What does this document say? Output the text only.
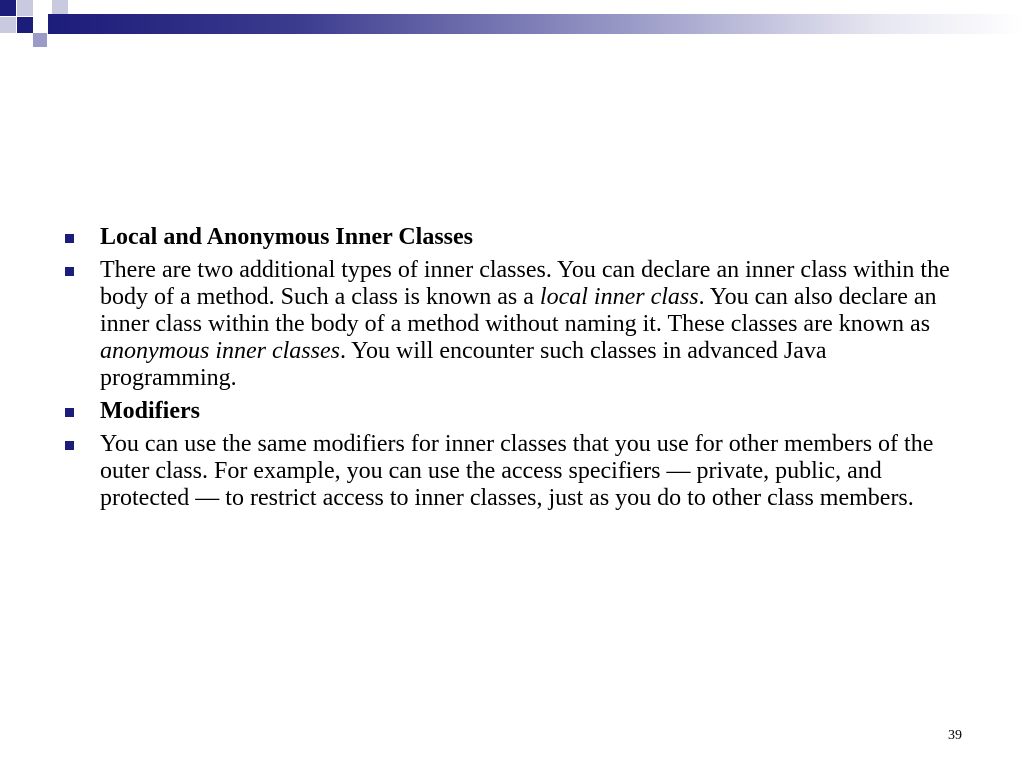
Local and Anonymous Inner Classes
There are two additional types of inner classes. You can declare an inner class within the body of a method. Such a class is known as a local inner class. You can also declare an inner class within the body of a method without naming it. These classes are known as anonymous inner classes. You will encounter such classes in advanced Java programming.
Modifiers
You can use the same modifiers for inner classes that you use for other members of the outer class. For example, you can use the access specifiers — private, public, and protected — to restrict access to inner classes, just as you do to other class members.
39
